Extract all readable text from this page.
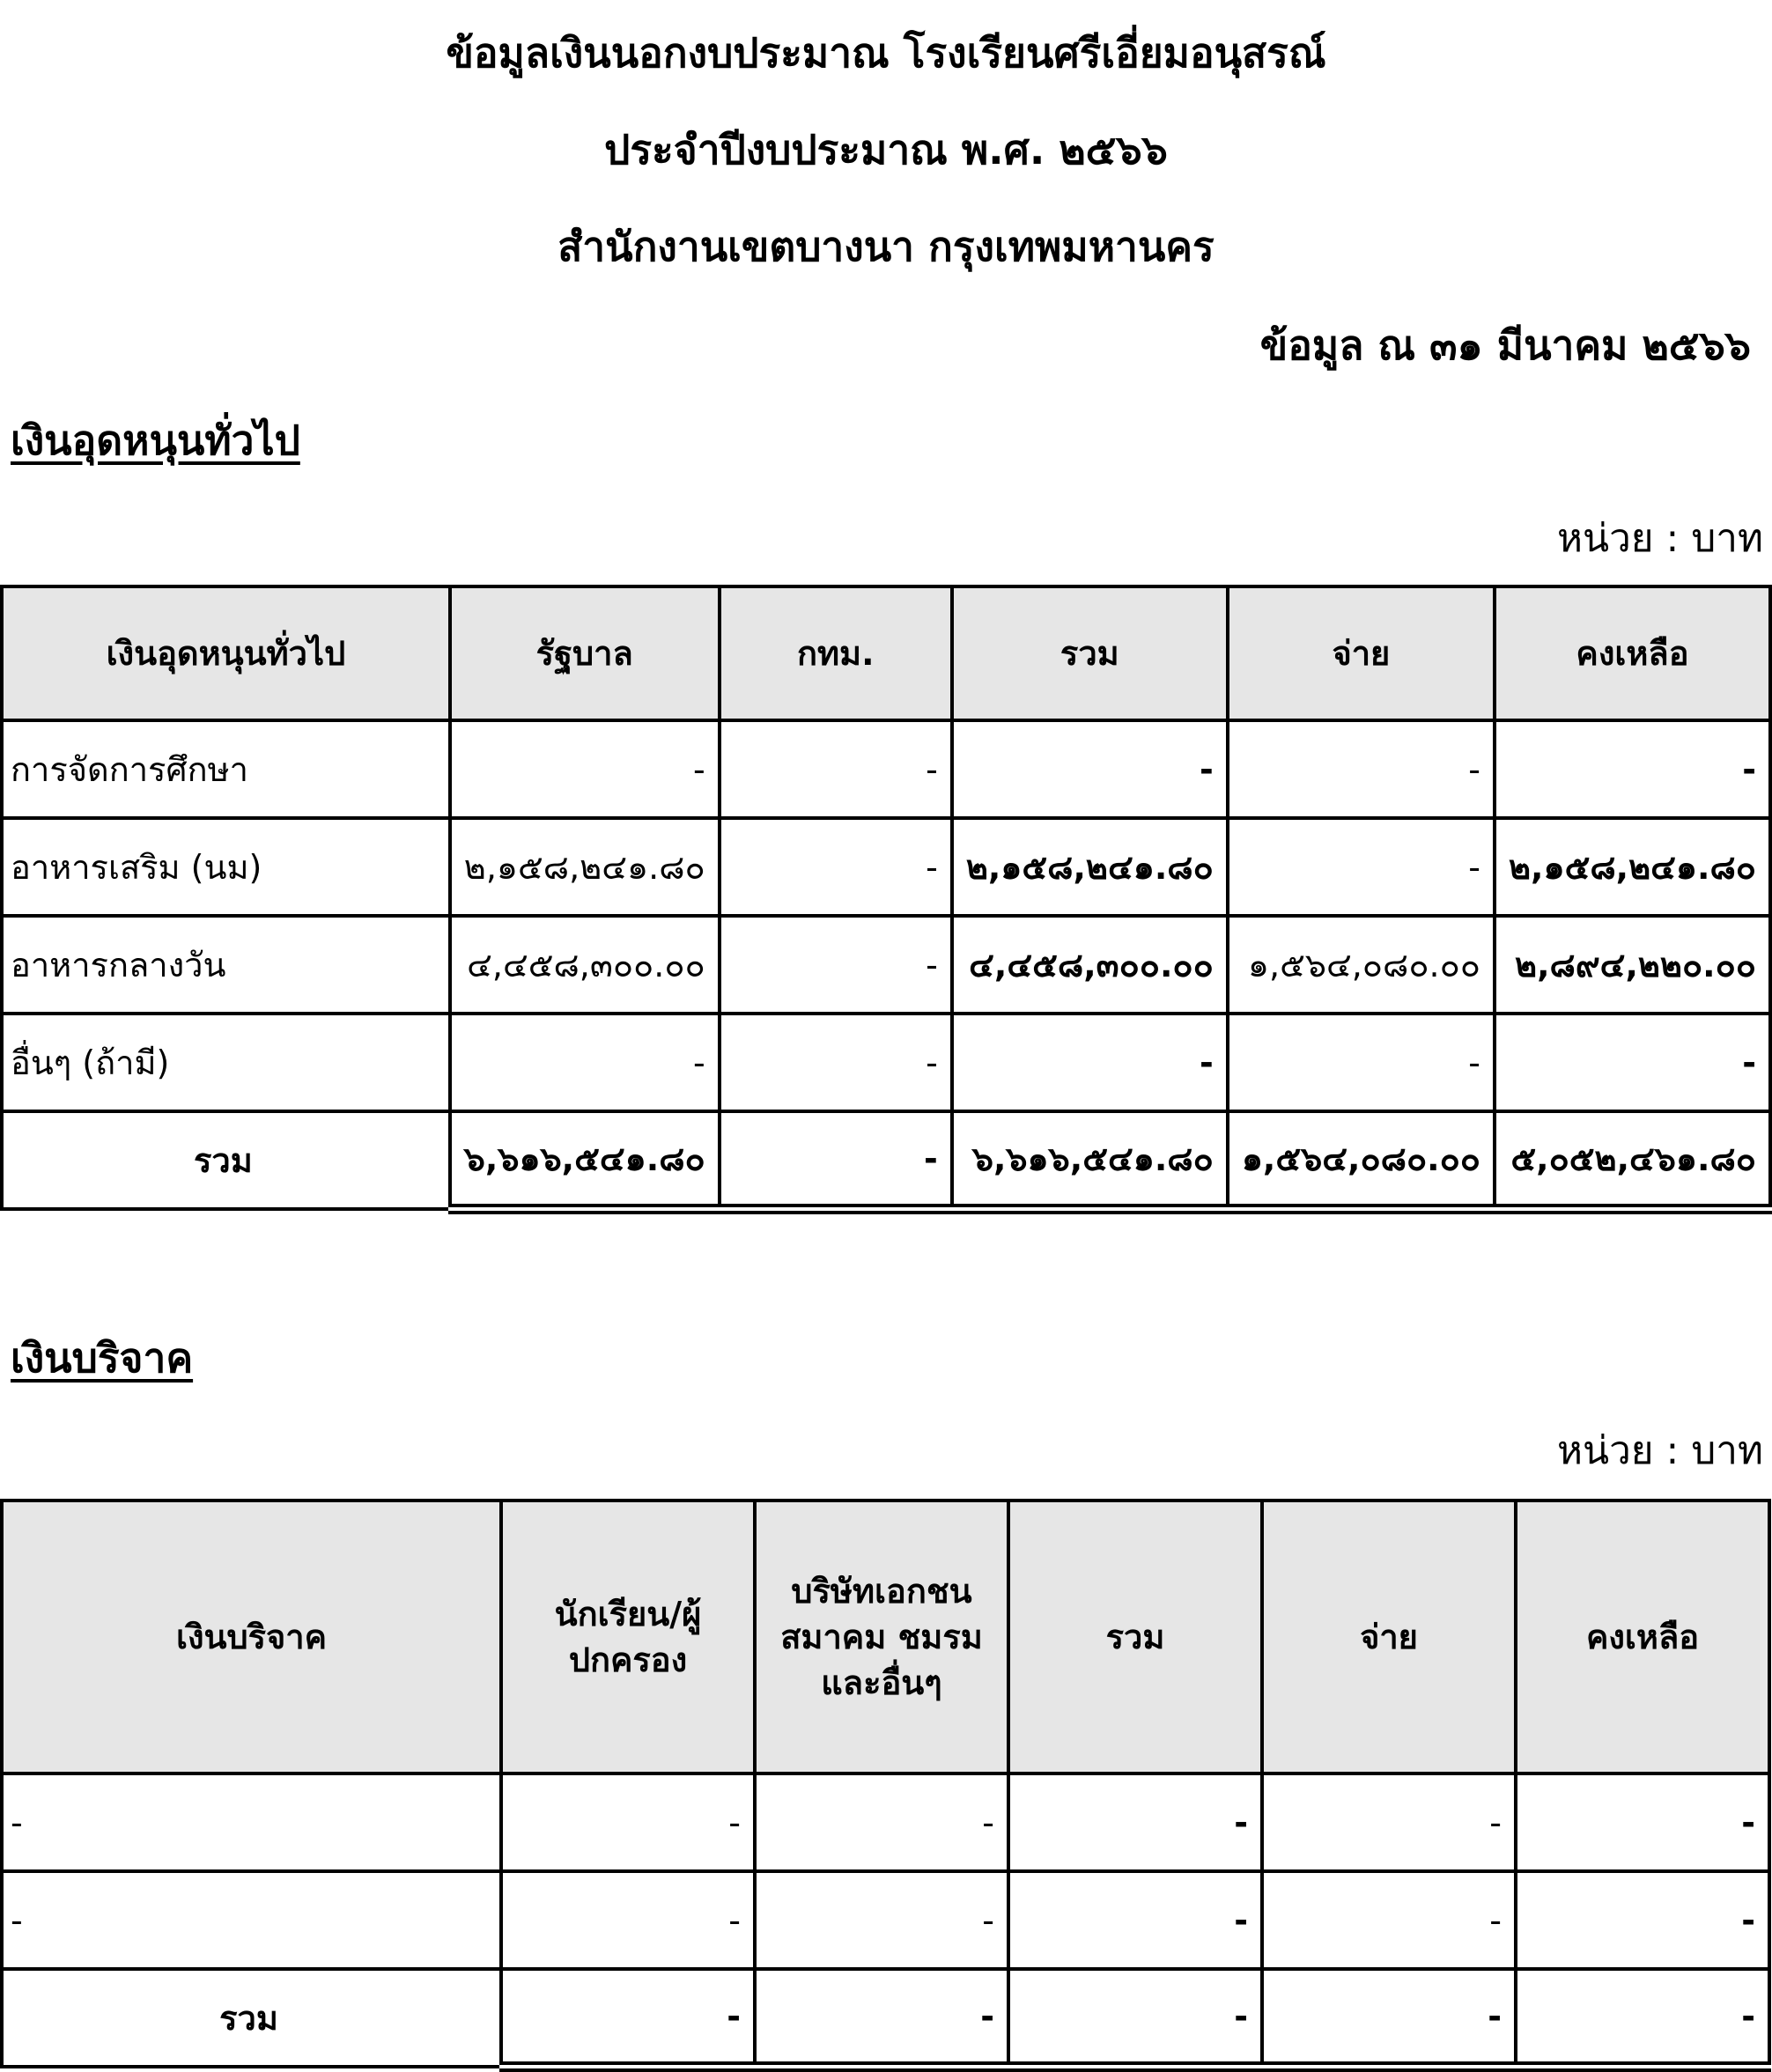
ข้อมูลเงินนอกงบประมาณ โรงเรียนศรีเอี่ยมอนุสรณ์
ประจำปีงบประมาณ พ.ศ. ๒๕๖๖
สำนักงานเขตบางนา กรุงเทพมหานคร
ข้อมูล ณ ๓๑ มีนาคม ๒๕๖๖
เงินอุดหนุนทั่วไป
หน่วย : บาท
เงินอุดหนุนทั่วไป	รัฐบาล	กทม.	รวม	จ่าย	คงเหลือ
การจัดการศึกษา	-	-	-	-	-
อาหารเสริม (นม)	๒,๑๕๘,๒๔๑.๘๐	-	๒,๑๕๘,๒๔๑.๘๐	-	๒,๑๕๘,๒๔๑.๘๐
อาหารกลางวัน	๔,๔๕๘,๓๐๐.๐๐	-	๔,๔๕๘,๓๐๐.๐๐	๑,๕๖๔,๐๘๐.๐๐	๒,๘๙๔,๒๒๐.๐๐
อื่นๆ (ถ้ามี)	-	-	-	-	-
รวม	๖,๖๑๖,๕๔๑.๘๐	-	๖,๖๑๖,๕๔๑.๘๐	๑,๕๖๔,๐๘๐.๐๐	๕,๐๕๒,๔๖๑.๘๐
เงินบริจาค
หน่วย : บาท
เงินบริจาค	นักเรียน/ผู้ปกครอง	บริษัทเอกชน
สมาคม ชมรม
และอื่นๆ	รวม	จ่าย	คงเหลือ
-	-	-	-	-	-
-	-	-	-	-	-
รวม	-	-	-	-	-
